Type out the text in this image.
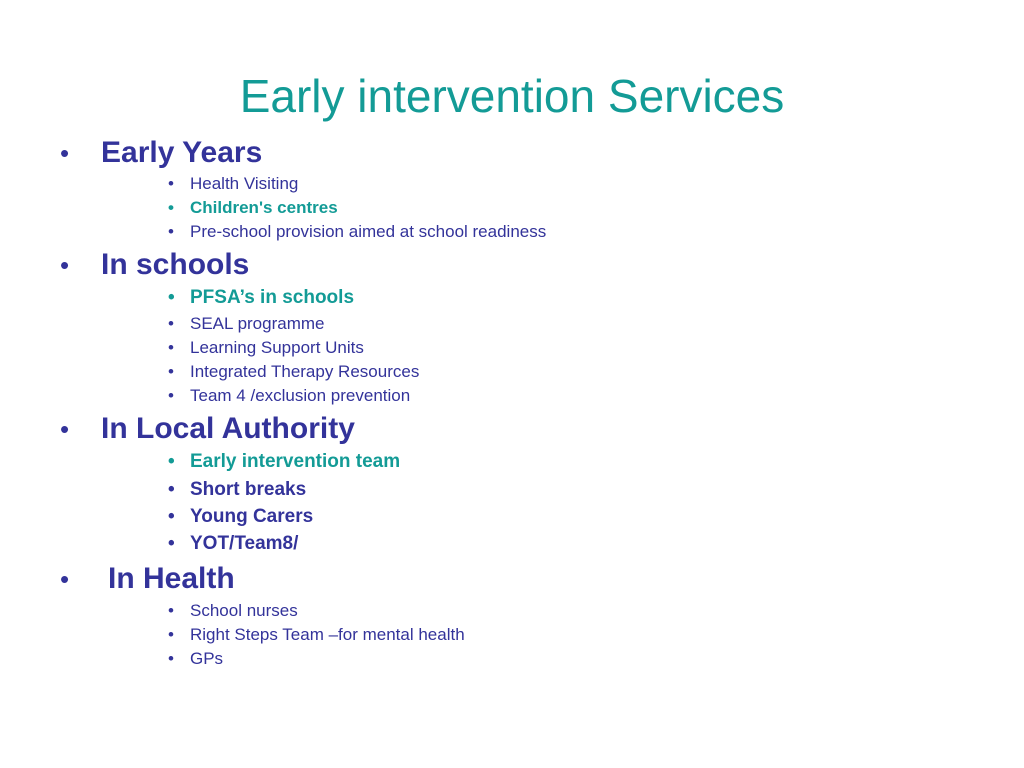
Early intervention Services
• Early Years
• Health Visiting
• Children's centres
• Pre-school provision aimed at school readiness
• In schools
• PFSA’s in schools
• SEAL programme
• Learning Support Units
• Integrated Therapy Resources
• Team 4 /exclusion prevention
• In Local Authority
• Early intervention team
• Short breaks
• Young Carers
• YOT/Team8/
• In Health
• School nurses
• Right Steps Team –for mental health
• GPs
